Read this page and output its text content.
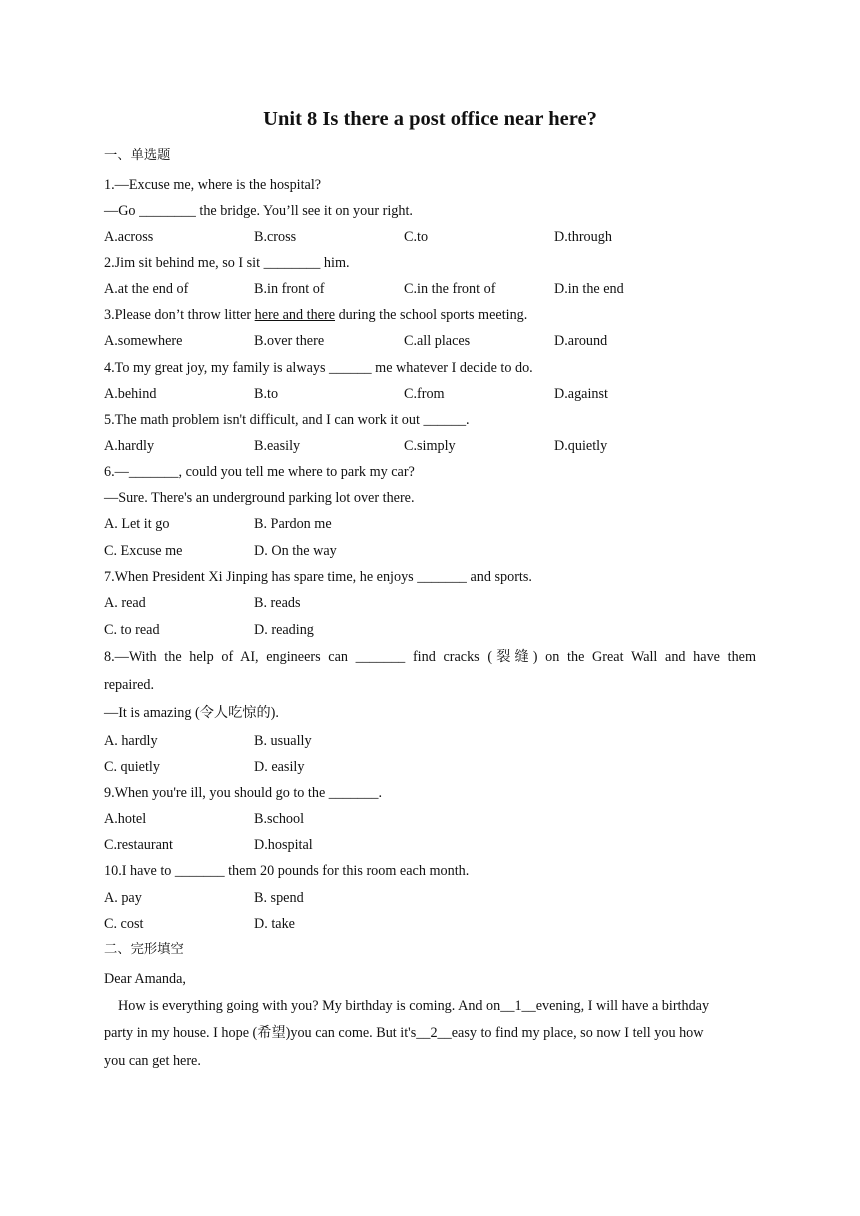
Unit 8 Is there a post office near here?
一、单选题
1.—Excuse me, where is the hospital?
—Go ________ the bridge. You’ll see it on your right.
A.across	B.cross	C.to	D.through
2.Jim sit behind me, so I sit ________ him.
A.at the end of	B.in front of	C.in the front of	D.in the end
3.Please don’t throw litter here and there during the school sports meeting.
A.somewhere	B.over there	C.all places	D.around
4.To my great joy, my family is always ______ me whatever I decide to do.
A.behind	B.to	C.from	D.against
5.The math problem isn't difficult, and I can work it out ______.
A.hardly	B.easily	C.simply	D.quietly
6.—_______, could you tell me where to park my car?
—Sure. There's an underground parking lot over there.
A. Let it go	B. Pardon me
C. Excuse me	D. On the way
7.When President Xi Jinping has spare time, he enjoys _______ and sports.
A. read	B. reads
C. to read	D. reading
8.—With the help of AI, engineers can _______ find cracks (裂缝) on the Great Wall and have them
repaired.
—It is amazing (令人吃惊的).
A. hardly	B. usually
C. quietly	D. easily
9.When you're ill, you should go to the _______.
A.hotel	B.school
C.restaurant	D.hospital
10.I have to _______ them 20 pounds for this room each month.
A. pay	B. spend
C. cost	D. take
二、完形填空
Dear Amanda,
How is everything going with you? My birthday is coming. And on__1__evening, I will have a birthday
party in my house. I hope (希望)you can come. But it's__2__easy to find my place, so now I tell you how
you can get here.
